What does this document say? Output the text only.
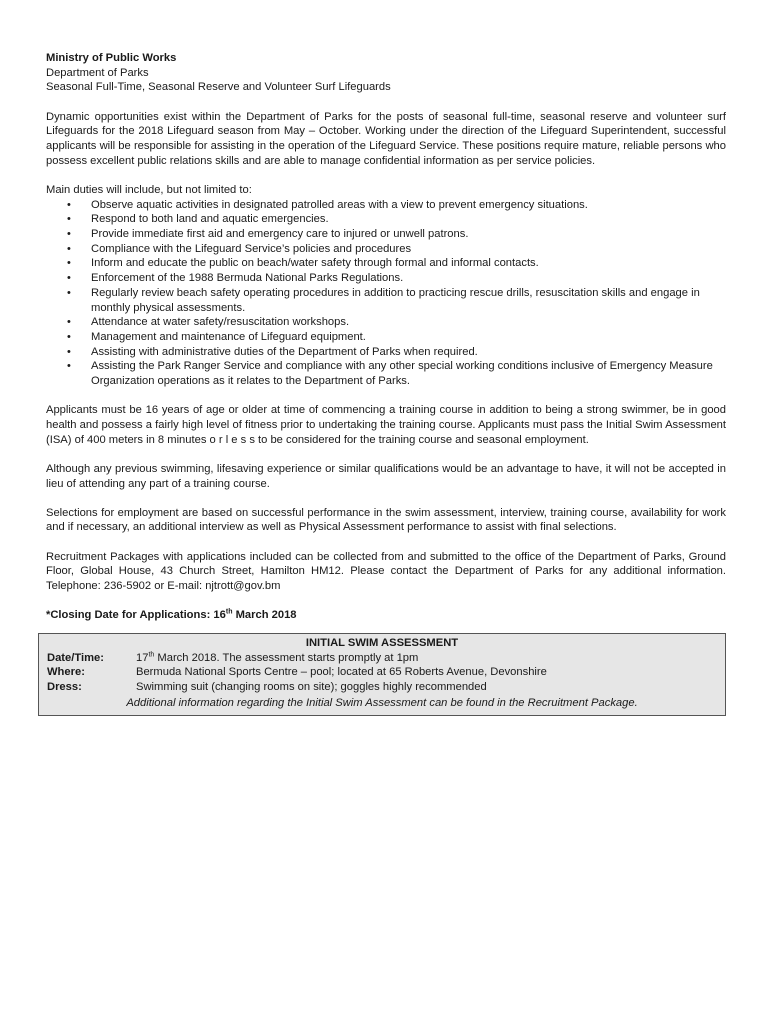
Ministry of Public Works
Department of Parks
Seasonal Full-Time, Seasonal Reserve and Volunteer Surf Lifeguards

Dynamic opportunities exist within the Department of Parks for the posts of seasonal full-time, seasonal reserve and volunteer surf Lifeguards for the 2018 Lifeguard season from May – October. Working under the direction of the Lifeguard Superintendent, successful applicants will be responsible for assisting in the operation of the Lifeguard Service. These positions require mature, reliable persons who possess excellent public relations skills and are able to manage confidential information as per service policies.

Main duties will include, but not limited to:

• Observe aquatic activities in designated patrolled areas with a view to prevent emergency situations.
• Respond to both land and aquatic emergencies.
• Provide immediate first aid and emergency care to injured or unwell patrons.
• Compliance with the Lifeguard Service’s policies and procedures
• Inform and educate the public on beach/water safety through formal and informal contacts.
• Enforcement of the 1988 Bermuda National Parks Regulations.
• Regularly review beach safety operating procedures in addition to practicing rescue drills, resuscitation skills and engage in monthly physical assessments.
• Attendance at water safety/resuscitation workshops.
• Management and maintenance of Lifeguard equipment.
• Assisting with administrative duties of the Department of Parks when required.
• Assisting the Park Ranger Service and compliance with any other special working conditions inclusive of Emergency Measure Organization operations as it relates to the Department of Parks.

Applicants must be 16 years of age or older at time of commencing a training course in addition to being a strong swimmer, be in good health and possess a fairly high level of fitness prior to undertaking the training course. Applicants must pass the Initial Swim Assessment (ISA) of 400 meters in 8 minutes o r l e s s to be considered for the training course and seasonal employment.

Although any previous swimming, lifesaving experience or similar qualifications would be an advantage to have, it will not be accepted in lieu of attending any part of a training course.

Selections for employment are based on successful performance in the swim assessment, interview, training course, availability for work and if necessary, an additional interview as well as Physical Assessment performance to assist with final selections.

Recruitment Packages with applications included can be collected from and submitted to the office of the Department of Parks, Ground Floor, Global House, 43 Church Street, Hamilton HM12. Please contact the Department of Parks for any additional information. Telephone: 236-5902 or E-mail: njtrott@gov.bm

*Closing Date for Applications: 16th March 2018
INITIAL SWIM ASSESSMENT
Date/Time:	17th March 2018. The assessment starts promptly at 1pm
Where:	Bermuda National Sports Centre – pool; located at 65 Roberts Avenue, Devonshire
Dress:	Swimming suit (changing rooms on site); goggles highly recommended
Additional information regarding the Initial Swim Assessment can be found in the Recruitment Package.
